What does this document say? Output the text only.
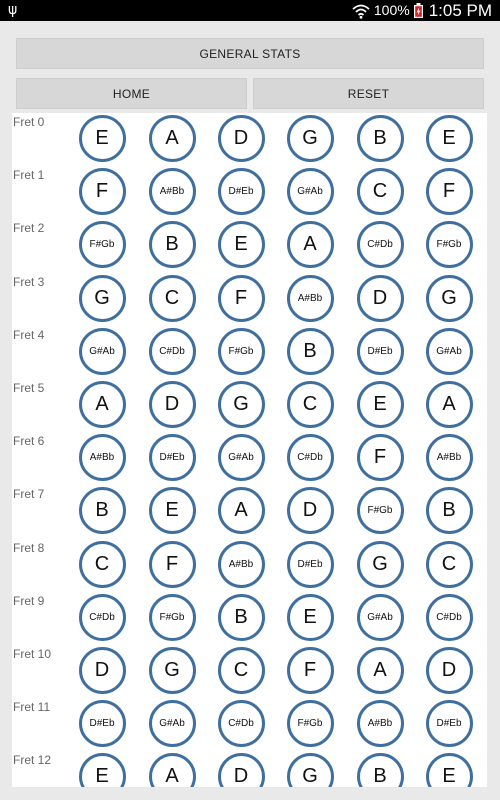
ψ	100% 1:05 PM
GENERAL STATS
HOME	RESET
Fret 0
E	A	D	G	B	E
Fret 1
F	A#Bb	D#Eb	G#Ab	C	F
Fret 2
F#Gb	B	E	A	C#Db	F#Gb
Fret 3
G	C	F	A#Bb	D	G
Fret 4
G#Ab	C#Db	F#Gb	B	D#Eb	G#Ab
Fret 5
A	D	G	C	E	A
Fret 6
A#Bb	D#Eb	G#Ab	C#Db	F	A#Bb
Fret 7
B	E	A	D	F#Gb	B
Fret 8
C	F	A#Bb	D#Eb	G	C
Fret 9
C#Db	F#Gb	B	E	G#Ab	C#Db
Fret 10
D	G	C	F	A	D
Fret 11
D#Eb	G#Ab	C#Db	F#Gb	A#Bb	D#Eb
Fret 12
E	A	D	G	B	E
